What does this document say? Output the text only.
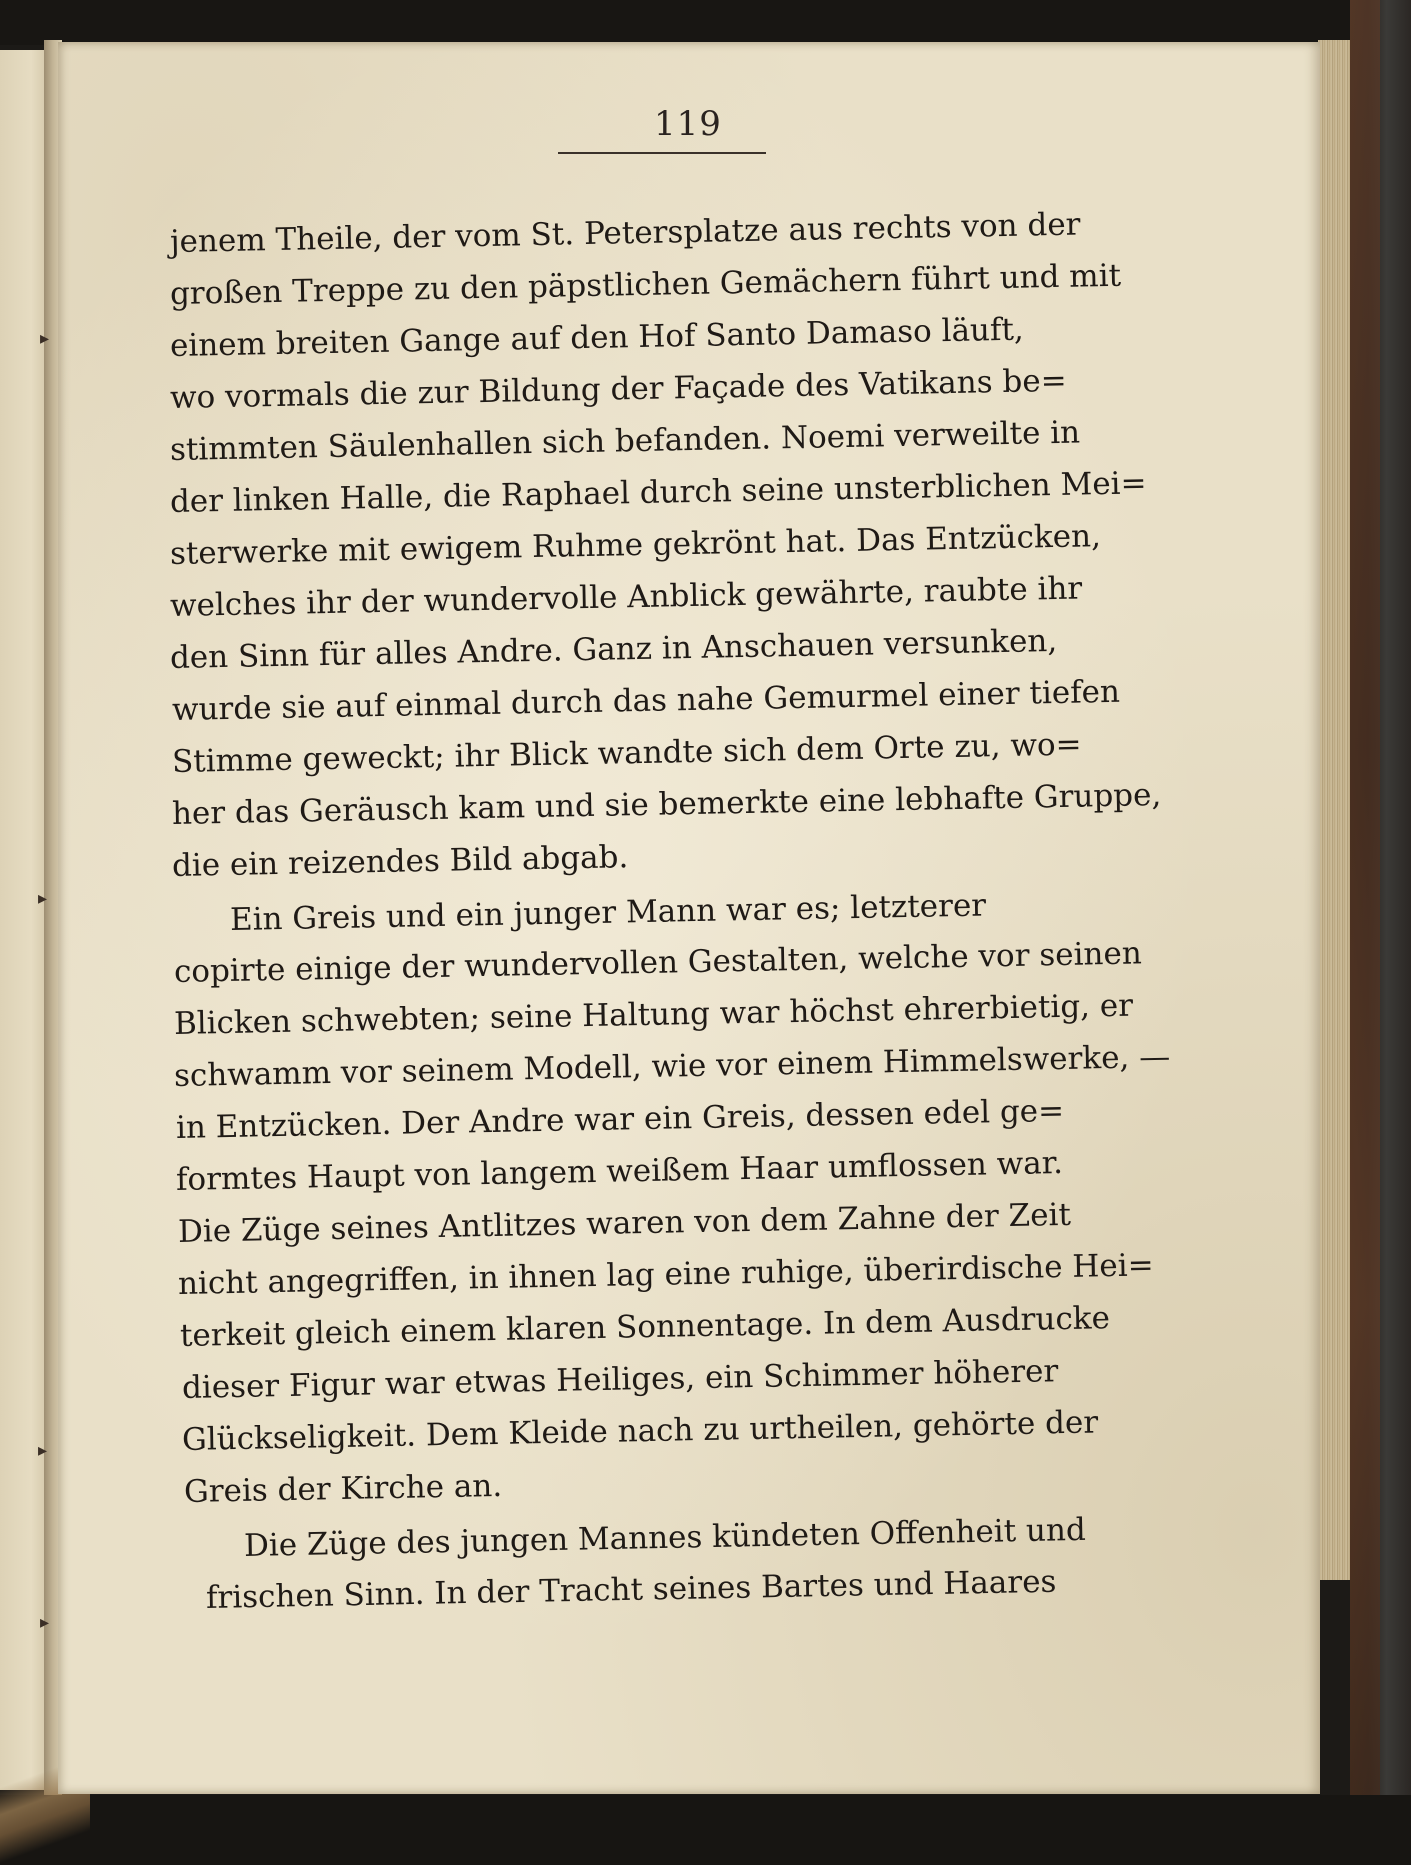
▸
▸
▸
▸
119
jenem Theile, der vom St. Petersplatze aus rechts von der
großen Treppe zu den päpstlichen Gemächern führt und mit
einem breiten Gange auf den Hof Santo Damaso läuft,
wo vormals die zur Bildung der Façade des Vatikans be=
stimmten Säulenhallen sich befanden. Noemi verweilte in
der linken Halle, die Raphael durch seine unsterblichen Mei=
sterwerke mit ewigem Ruhme gekrönt hat. Das Entzücken,
welches ihr der wundervolle Anblick gewährte, raubte ihr
den Sinn für alles Andre. Ganz in Anschauen versunken,
wurde sie auf einmal durch das nahe Gemurmel einer tiefen
Stimme geweckt; ihr Blick wandte sich dem Orte zu, wo=
her das Geräusch kam und sie bemerkte eine lebhafte Gruppe,
die ein reizendes Bild abgab.
Ein Greis und ein junger Mann war es; letzterer
copirte einige der wundervollen Gestalten, welche vor seinen
Blicken schwebten; seine Haltung war höchst ehrerbietig, er
schwamm vor seinem Modell, wie vor einem Himmelswerke, —
in Entzücken. Der Andre war ein Greis, dessen edel ge=
formtes Haupt von langem weißem Haar umflossen war.
Die Züge seines Antlitzes waren von dem Zahne der Zeit
nicht angegriffen, in ihnen lag eine ruhige, überirdische Hei=
terkeit gleich einem klaren Sonnentage. In dem Ausdrucke
dieser Figur war etwas Heiliges, ein Schimmer höherer
Glückseligkeit. Dem Kleide nach zu urtheilen, gehörte der
Greis der Kirche an.
Die Züge des jungen Mannes kündeten Offenheit und
frischen Sinn. In der Tracht seines Bartes und Haares
